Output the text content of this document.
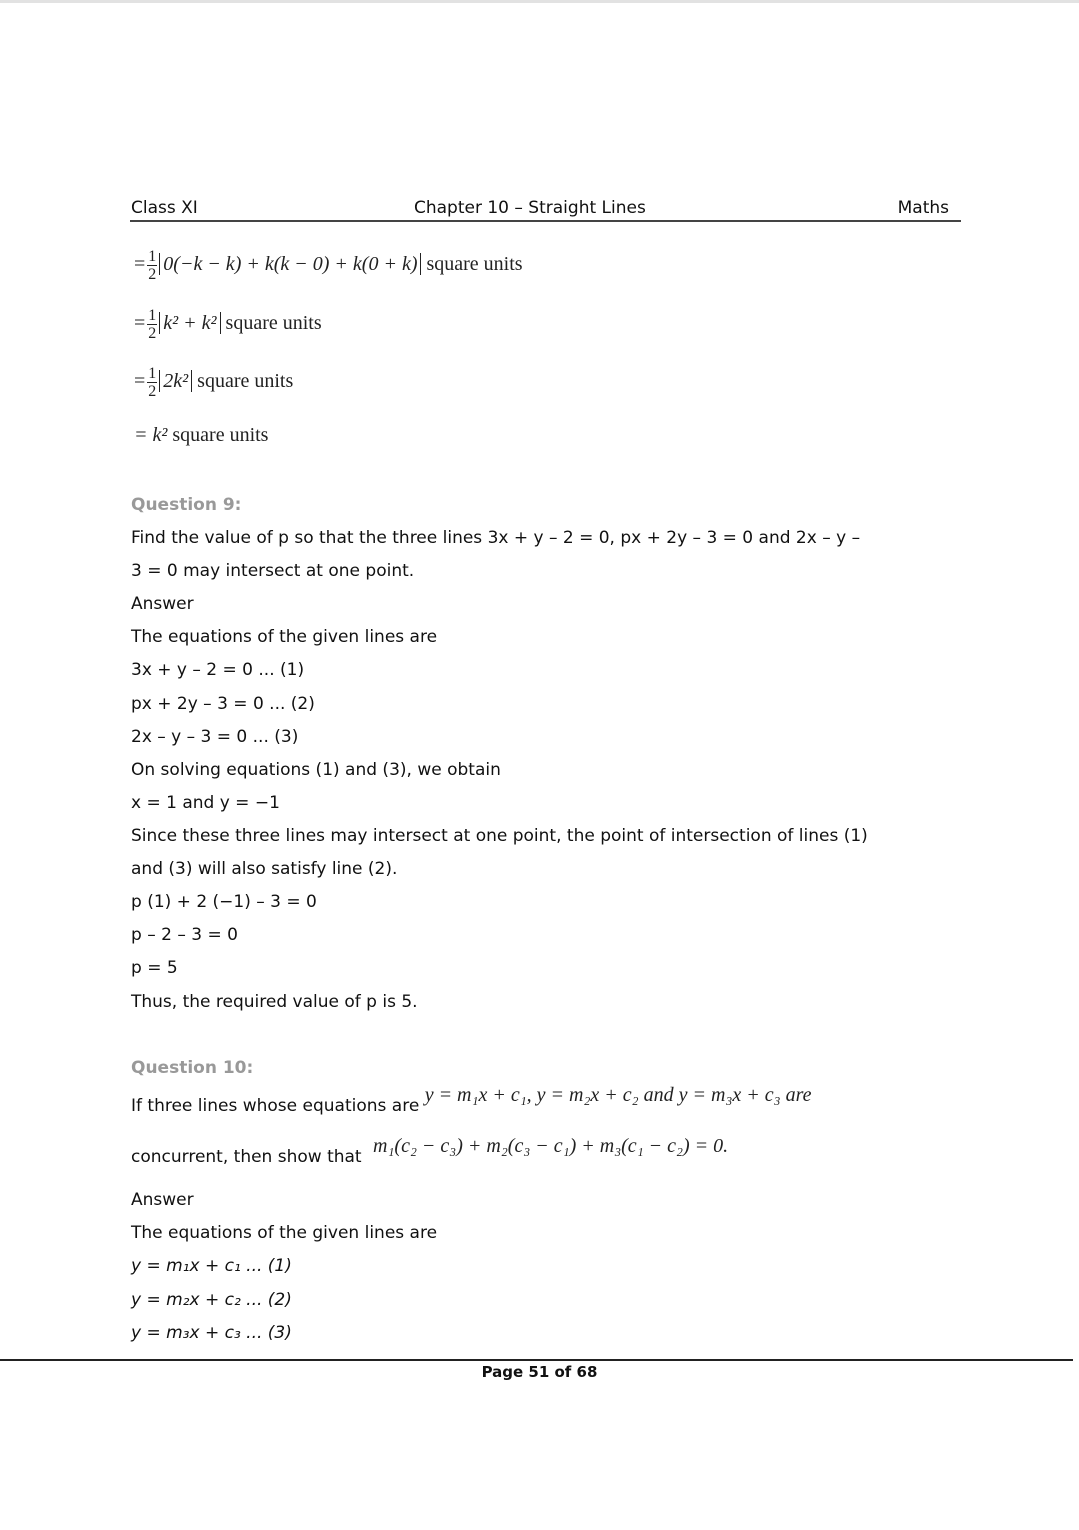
Class XI	Chapter 10 – Straight Lines	Maths
= $\frac{1}{2} 0(-k - k) + k(k - 0) + k(0 + k)$ square units
= $\frac{1}{2} k^2 + k^2$ square units
= $\frac{1}{2} 2k^2$ square units
= k² square units
Question 9:
Find the value of p so that the three lines 3x + y – 2 = 0, px + 2y – 3 = 0 and 2x – y –
3 = 0 may intersect at one point.
Answer
The equations of the given lines are
3x + y – 2 = 0 ... (1)
px + 2y – 3 = 0 ... (2)
2x – y – 3 = 0 ... (3)
On solving equations (1) and (3), we obtain
x = 1 and y = −1
Since these three lines may intersect at one point, the point of intersection of lines (1)
and (3) will also satisfy line (2).
p (1) + 2 (−1) – 3 = 0
p – 2 – 3 = 0
p = 5
Thus, the required value of p is 5.
Question 10:
If three lines whose equations are y = m₁x + c₁, y = m₂x + c₂ and y = m₃x + c₃ are
concurrent, then show that m₁(c₂ − c₃) + m₂(c₃ − c₁) + m₃(c₁ − c₂) = 0.
Answer
The equations of the given lines are
y = m₁x + c₁ ... (1)
y = m₂x + c₂ ... (2)
y = m₃x + c₃ ... (3)
Page 51 of 68
